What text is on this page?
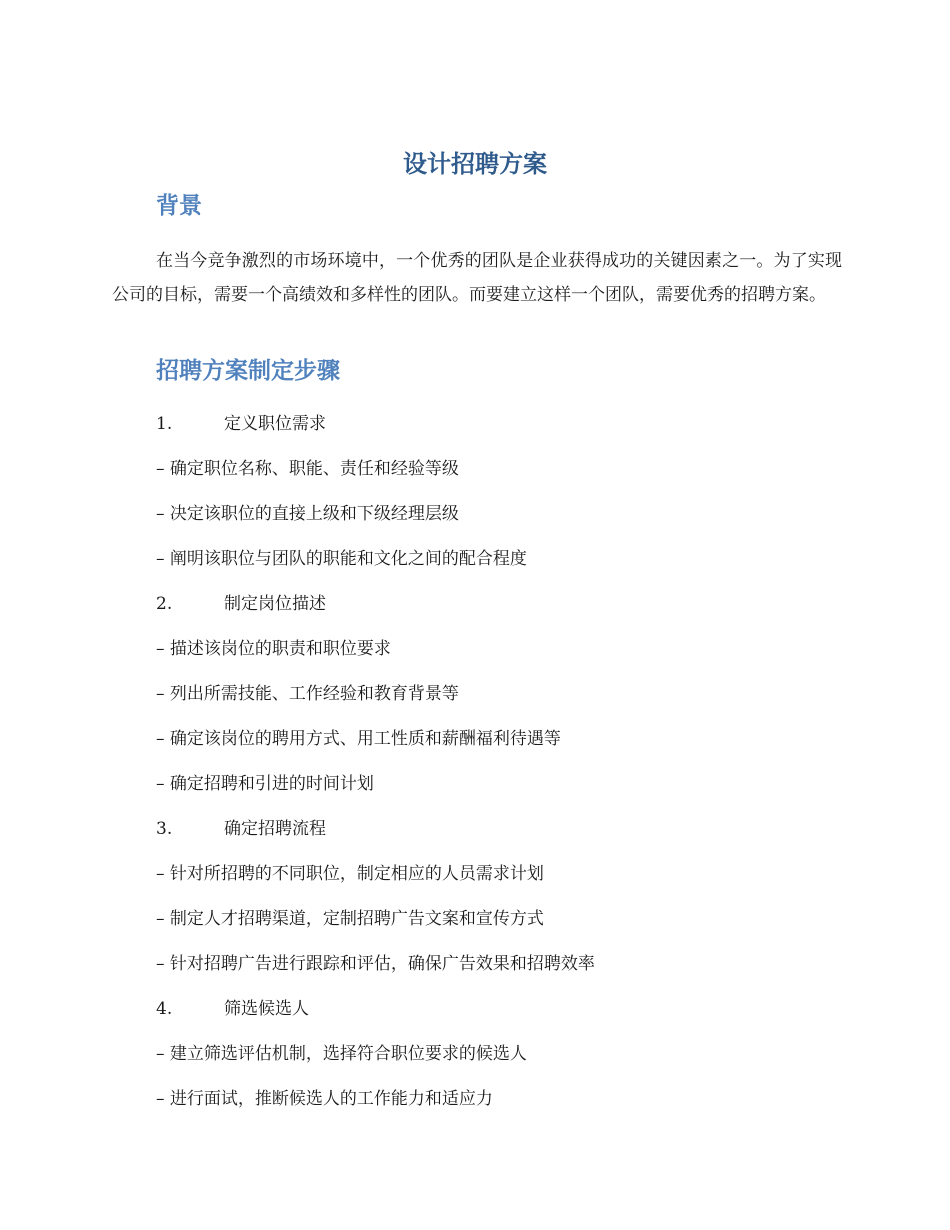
设计招聘方案
背景

在当今竞争激烈的市场环境中，一个优秀的团队是企业获得成功的关键因素之一。为了实现公司的目标，需要一个高绩效和多样性的团队。而要建立这样一个团队，需要优秀的招聘方案。

招聘方案制定步骤

1.	定义职位需求

– 确定职位名称、职能、责任和经验等级

– 决定该职位的直接上级和下级经理层级

– 阐明该职位与团队的职能和文化之间的配合程度

2.	制定岗位描述

– 描述该岗位的职责和职位要求

– 列出所需技能、工作经验和教育背景等

– 确定该岗位的聘用方式、用工性质和薪酬福利待遇等

– 确定招聘和引进的时间计划

3.	确定招聘流程

– 针对所招聘的不同职位，制定相应的人员需求计划

– 制定人才招聘渠道，定制招聘广告文案和宣传方式

– 针对招聘广告进行跟踪和评估，确保广告效果和招聘效率

4.	筛选候选人

– 建立筛选评估机制，选择符合职位要求的候选人

– 进行面试，推断候选人的工作能力和适应力
